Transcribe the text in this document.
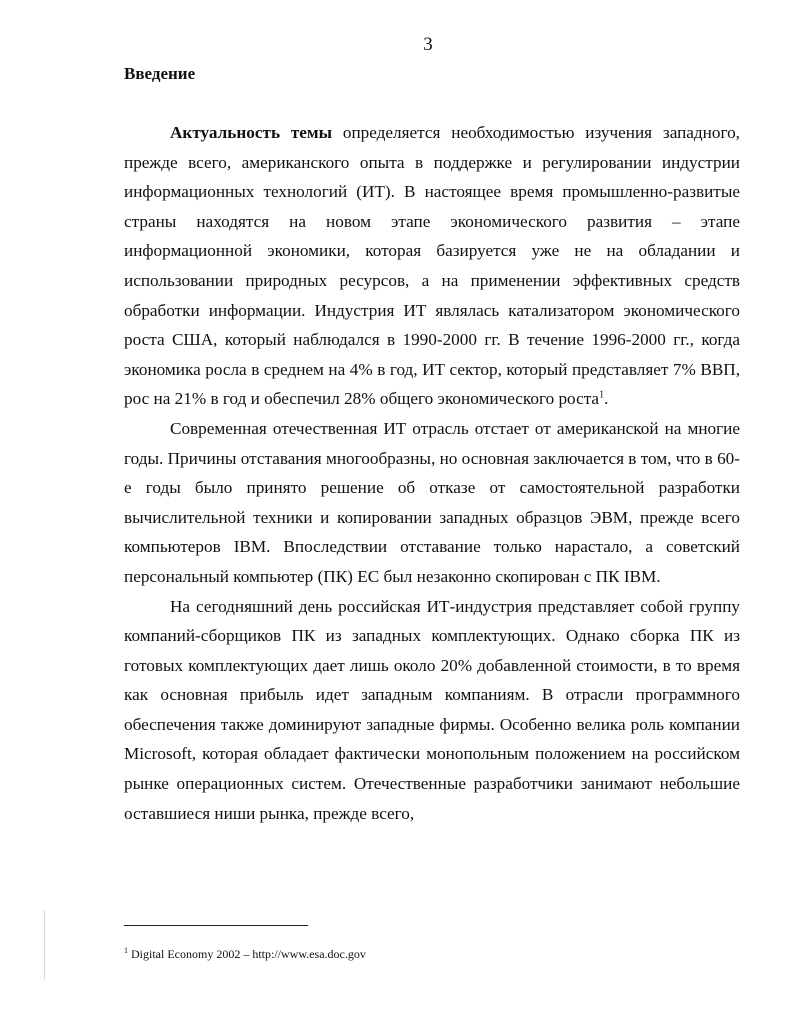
3
Введение

Актуальность темы определяется необходимостью изучения западного, прежде всего, американского опыта в поддержке и регулировании индустрии информационных технологий (ИТ). В настоящее время промышленно-развитые страны находятся на новом этапе экономического развития – этапе информационной экономики, которая базируется уже не на обладании и использовании природных ресурсов, а на применении эффективных средств обработки информации. Индустрия ИТ являлась катализатором экономического роста США, который наблюдался в 1990-2000 гг. В течение 1996-2000 гг., когда экономика росла в среднем на 4% в год, ИТ сектор, который представляет 7% ВВП, рос на 21% в год и обеспечил 28% общего экономического роста$^1$.

Современная отечественная ИТ отрасль отстает от американской на многие годы. Причины отставания многообразны, но основная заключается в том, что в 60-е годы было принято решение об отказе от самостоятельной разработки вычислительной техники и копировании западных образцов ЭВМ, прежде всего компьютеров IBM. Впоследствии отставание только нарастало, а советский персональный компьютер (ПК) ЕС был незаконно скопирован с ПК IBM.

На сегодняшний день российская ИТ-индустрия представляет собой группу компаний-сборщиков ПК из западных комплектующих. Однако сборка ПК из готовых комплектующих дает лишь около 20% добавленной стоимости, в то время как основная прибыль идет западным компаниям. В отрасли программного обеспечения также доминируют западные фирмы. Особенно велика роль компании Microsoft, которая обладает фактически монопольным положением на российском рынке операционных систем. Отечественные разработчики занимают небольшие оставшиеся ниши рынка, прежде всего,

$^1$ Digital Economy 2002 – http://www.esa.doc.gov
